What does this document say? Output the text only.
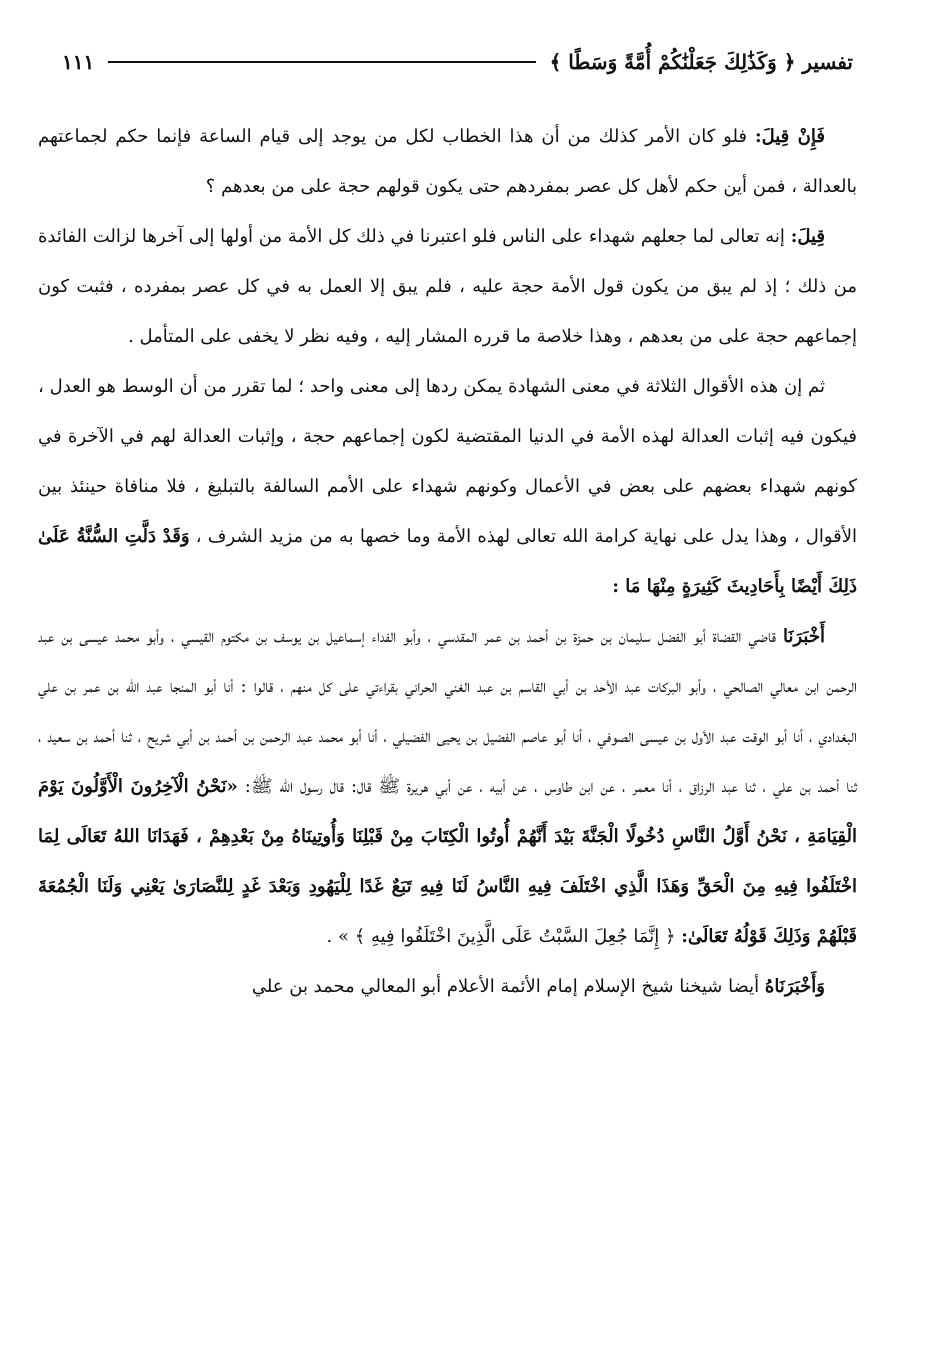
تفسير ﴿ وَكَذَٰلِكَ جَعَلْنَٰكُمْ أُمَّةً وَسَطًا ﴾
١١١

فَإِنْ قِيلَ: فلو كان الأمر كذلك من أن هذا الخطاب لكل من يوجد إلى قيام الساعة فإنما حكم لجماعتهم بالعدالة ، فمن أين حكم لأهل كل عصر بمفردهم حتى يكون قولهم حجة على من بعدهم ؟

قِيلَ: إنه تعالى لما جعلهم شهداء على الناس فلو اعتبرنا في ذلك كل الأمة من أولها إلى آخرها لزالت الفائدة من ذلك ؛ إذ لم يبق من يكون قول الأمة حجة عليه ، فلم يبق إلا العمل به في كل عصر بمفرده ، فثبت كون إجماعهم حجة على من بعدهم ، وهذا خلاصة ما قرره المشار إليه ، وفيه نظر لا يخفى على المتأمل .

ثم إن هذه الأقوال الثلاثة في معنى الشهادة يمكن ردها إلى معنى واحد ؛ لما تقرر من أن الوسط هو العدل ، فيكون فيه إثبات العدالة لهذه الأمة في الدنيا المقتضية لكون إجماعهم حجة ، وإثبات العدالة لهم في الآخرة في كونهم شهداء بعضهم على بعض في الأعمال وكونهم شهداء على الأمم السالفة بالتبليغ ، فلا منافاة حينئذ بين الأقوال ، وهذا يدل على نهاية كرامة الله تعالى لهذه الأمة وما خصها به من مزيد الشرف ، وَقَدْ دَلَّتِ السُّنَّةُ عَلَىٰ ذَلِكَ أَيْضًا بِأَحَادِيثَ كَثِيرَةٍ مِنْهَا مَا :

أَخْبَرَنَا قاضي القضاة أبو الفضل سليمان بن حمزة بن أحمد بن عمر المقدسي ، وأبو الفداء إسماعيل بن يوسف بن مكتوم القيسي ، وأبو محمد عيسى بن عبد الرحمن ابن معالي الصالحي ، وأبو البركات عبد الأحد بن أبي القاسم بن عبد الغني الحراني بقراءتي على كل منهم ، قالوا : أنا أبو المنجا عبد الله بن عمر بن علي البغدادي ، أنا أبو الوقت عبد الأول بن عيسى الصوفي ، أنا أبو عاصم الفضيل بن يحيى الفضيلي ، أنا أبو محمد عبد الرحمن بن أحمد بن أبي شريح ، ثنا أحمد بن سعيد ، ثنا أحمد بن علي ، ثنا عبد الرزاق ، أنا معمر ، عن ابن طاوس ، عن أبيه ، عن أبي هريرة ﷺ قال: قال رسول الله ﷺ: «نَحْنُ الْآخِرُونَ الْأَوَّلُونَ يَوْمَ الْقِيَامَةِ ، نَحْنُ أَوَّلُ النَّاسِ دُخُولًا الْجَنَّةَ بَيْدَ أَنَّهُمْ أُوتُوا الْكِتَابَ مِنْ قَبْلِنَا وَأُوتِينَاهُ مِنْ بَعْدِهِمْ ، فَهَدَانَا اللهُ تَعَالَى لِمَا اخْتَلَفُوا فِيهِ مِنَ الْحَقِّ وَهَذَا الَّذِي اخْتَلَفَ فِيهِ النَّاسُ لَنَا فِيهِ تَبَعٌ غَدًا لِلْيَهُودِ وَبَعْدَ غَدٍ لِلنَّصَارَىٰ يَعْنِي وَلَنَا الْجُمُعَةَ قَبْلَهُمْ وَذَلِكَ قَوْلُهُ تَعَالَىٰ: ﴿ إِنَّمَا جُعِلَ السَّبْتُ عَلَى الَّذِينَ اخْتَلَفُوا فِيهِ ﴾ » .

وَأَخْبَرَنَاهُ أيضا شيخنا شيخ الإسلام إمام الأئمة الأعلام أبو المعالي محمد بن علي
